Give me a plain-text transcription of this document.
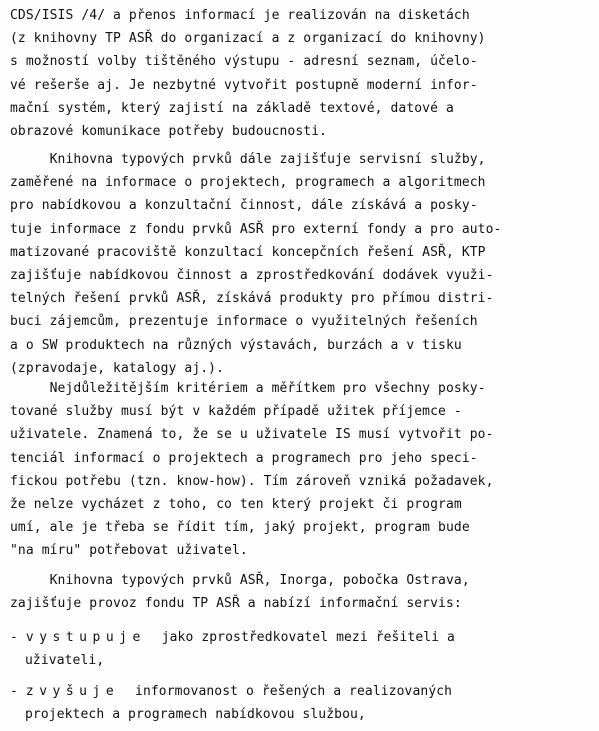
CDS/ISIS /4/ a přenos informací je realizován na disketách
(z knihovny TP ASŘ do organizací a z organizací do knihovny)
s možností volby tištěného výstupu - adresní seznam, účelo-
vé rešerše aj. Je nezbytné vytvořit postupně moderní infor-
mační systém, který zajistí na základě textové, datové a
obrazové komunikace potřeby budoucnosti.
Knihovna typových prvků dále zajišťuje servisní služby,
zaměřené na informace o projektech, programech a algoritmech
pro nabídkovou a konzultační činnost, dále získává a posky-
tuje informace z fondu prvků ASŘ pro externí fondy a pro auto-
matizované pracoviště konzultací koncepčních řešení ASŘ, KTP
zajišťuje nabídkovou činnost a zprostředkování dodávek využi-
telných řešení prvků ASŘ, získává produkty pro přímou distri-
buci zájemcům, prezentuje informace o využitelných řešeních
a o SW produktech na různých výstavách, burzách a v tisku
(zpravodaje, katalogy aj.).
Nejdůležitějším kritériem a měřítkem pro všechny posky-
tované služby musí být v každém případě užitek příjemce -
uživatele. Znamená to, že se u uživatele IS musí vytvořit po-
tenciál informací o projektech a programech pro jeho speci-
fickou potřebu (tzn. know-how). Tím zároveň vzniká požadavek,
že nelze vycházet z toho, co ten který projekt či program
umí, ale je třeba se řídit tím, jaký projekt, program bude
"na míru" potřebovat uživatel.
Knihovna typových prvků ASŘ, Inorga, pobočka Ostrava,
zajišťuje provoz fondu TP ASŘ a nabízí informační servis:
- vystupuje jako zprostředkovatel mezi řešiteli a
uživateli,
- zvyšuje informovanost o řešených a realizovaných
projektech a programech nabídkovou službou,
